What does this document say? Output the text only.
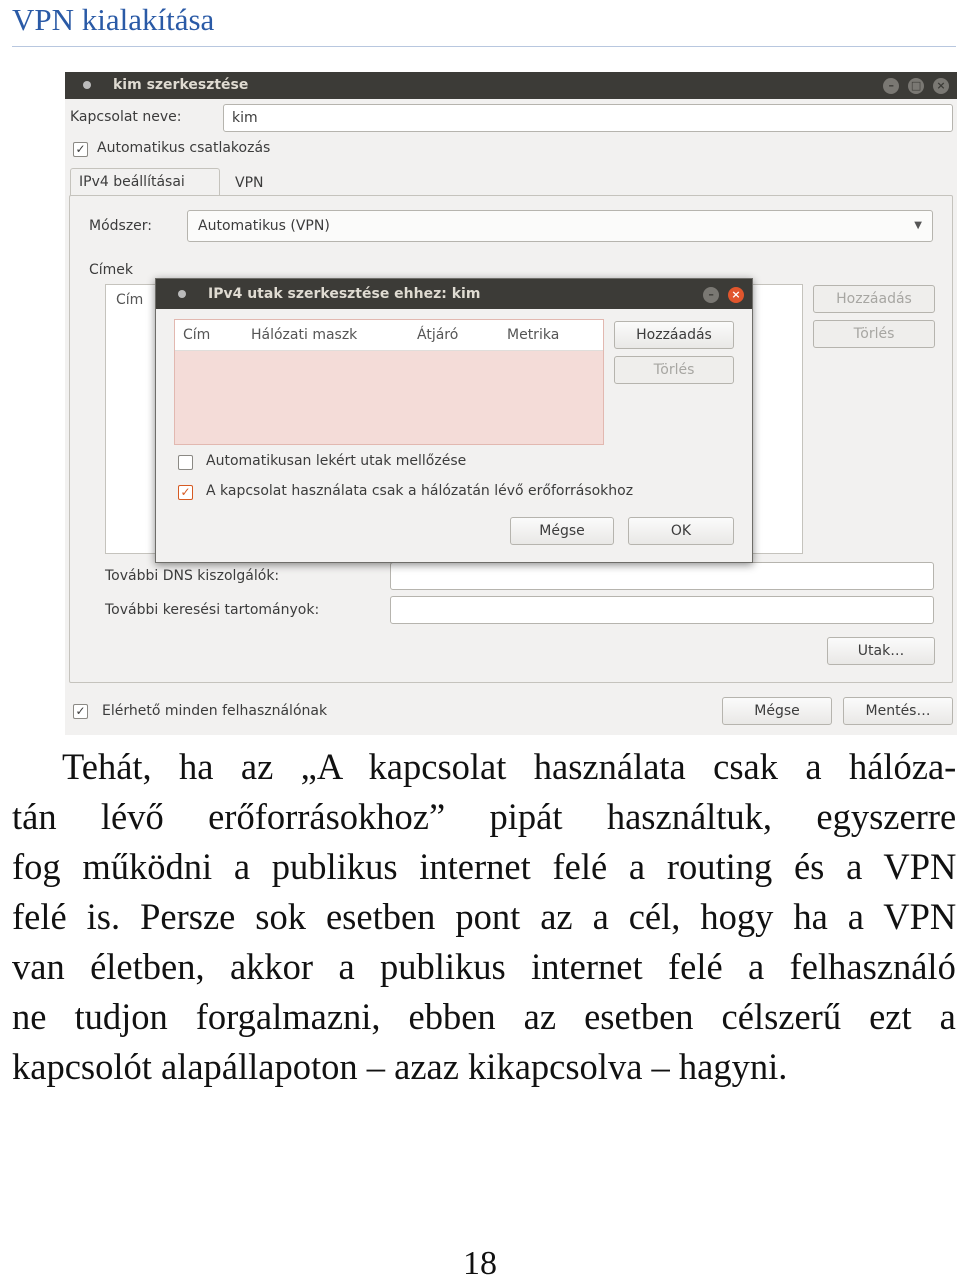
VPN kialakítása
kim szerkesztése	– □ ×
Kapcsolat neve:	kim
✓ Automatikus csatlakozás
IPv4 beállításai	VPN
Módszer:	Automatikus (VPN)	▼
Címek
Cím	Hozzáadás
Törlés
További DNS kiszolgálók:
További keresési tartományok:
Utak…
✓ Elérhető minden felhasználónak	Mégse	Mentés…
IPv4 utak szerkesztése ehhez: kim	– ×
Cím	Hálózati maszk	Átjáró	Metrika	Hozzáadás
Törlés
Automatikusan lekért utak mellőzése
✓ A kapcsolat használata csak a hálózatán lévő erőforrásokhoz
Mégse	OK
Tehát, ha az „A kapcsolat használata csak a hálóza-
tán lévő erőforrásokhoz” pipát használtuk, egyszerre
fog működni a publikus internet felé a routing és a VPN
felé is. Persze sok esetben pont az a cél, hogy ha a VPN
van életben, akkor a publikus internet felé a felhasználó
ne tudjon forgalmazni, ebben az esetben célszerű ezt a
kapcsolót alapállapoton – azaz kikapcsolva – hagyni.
18
